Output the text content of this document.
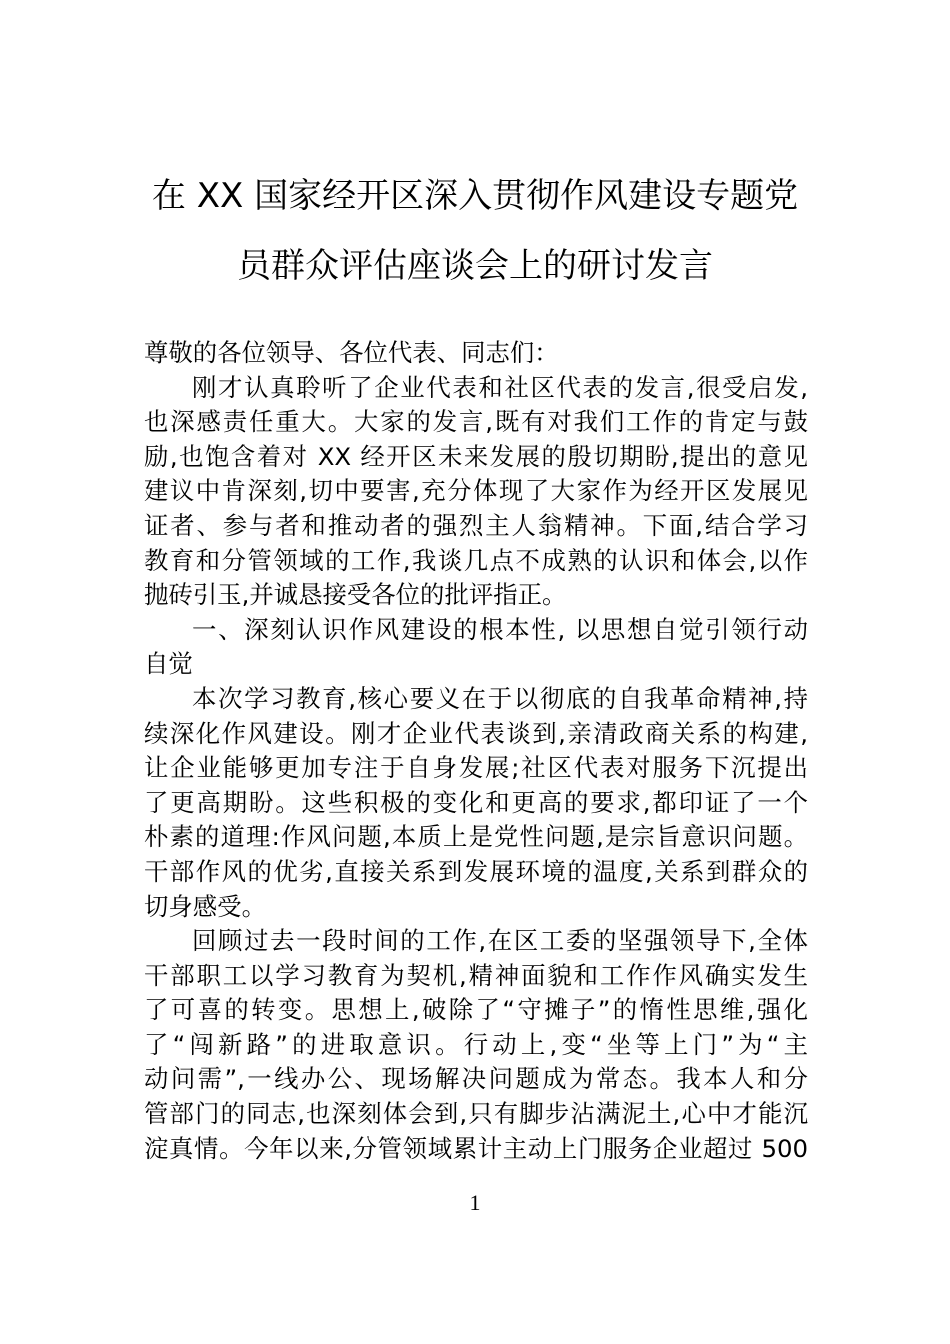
在 XX 国家经开区深入贯彻作风建设专题党
员群众评估座谈会上的研讨发言
尊敬的各位领导、各位代表、同志们：
刚才认真聆听了企业代表和社区代表的发言,很受启发,
也深感责任重大。大家的发言,既有对我们工作的肯定与鼓
励,也饱含着对 XX 经开区未来发展的殷切期盼,提出的意见
建议中肯深刻,切中要害,充分体现了大家作为经开区发展见
证者、参与者和推动者的强烈主人翁精神。下面,结合学习
教育和分管领域的工作,我谈几点不成熟的认识和体会,以作
抛砖引玉,并诚恳接受各位的批评指正。
一、深刻认识作风建设的根本性, 以思想自觉引领行动
自觉
本次学习教育,核心要义在于以彻底的自我革命精神,持
续深化作风建设。刚才企业代表谈到,亲清政商关系的构建,
让企业能够更加专注于自身发展;社区代表对服务下沉提出
了更高期盼。这些积极的变化和更高的要求,都印证了一个
朴素的道理:作风问题,本质上是党性问题,是宗旨意识问题。
干部作风的优劣,直接关系到发展环境的温度,关系到群众的
切身感受。
回顾过去一段时间的工作,在区工委的坚强领导下,全体
干部职工以学习教育为契机,精神面貌和工作作风确实发生
了可喜的转变。思想上,破除了“守摊子”的惰性思维,强化
了“闯新路”的进取意识。行动上,变“坐等上门”为“主
动问需”,一线办公、现场解决问题成为常态。我本人和分
管部门的同志,也深刻体会到,只有脚步沾满泥土,心中才能沉
淀真情。今年以来,分管领域累计主动上门服务企业超过 500
1
